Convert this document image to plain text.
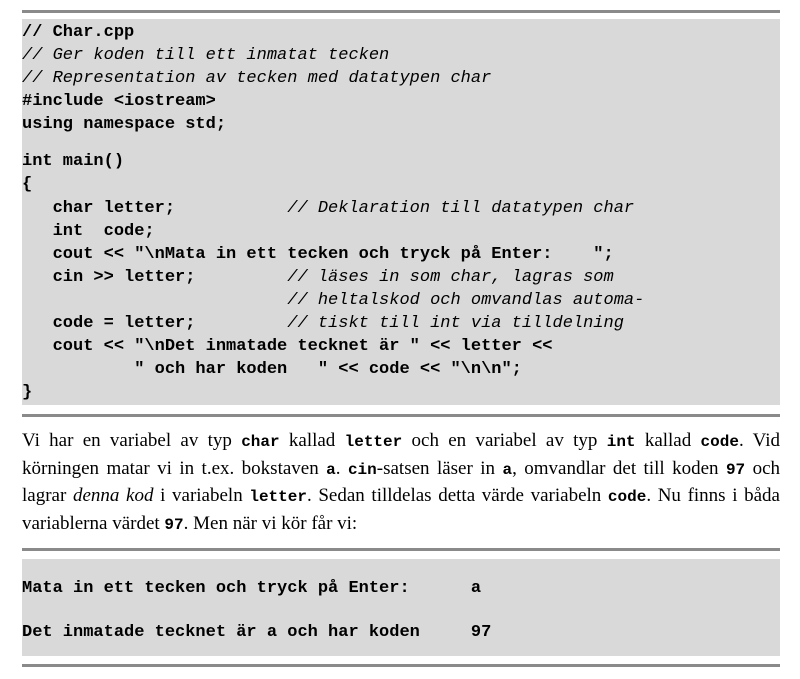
// Char.cpp

// Ger koden till ett inmatat tecken

// Representation av tecken med datatypen char

#include <iostream>

using namespace std;

int main()

{

char letter;           // Deklaration till datatypen char

int  code;

cout << "\nMata in ett tecken och tryck på Enter:    ";

cin >> letter;         // läses in som char, lagras som

// heltalskod och omvandlas automa-

code = letter;         // tiskt till int via tilldelning

cout << "\nDet inmatade tecknet är " << letter <<

" och har koden   " << code << "\n\n";

}

Vi har en variabel av typ char kallad letter och en variabel av typ int kallad code. Vid körningen matar vi in t.ex. bokstaven a. cin-satsen läser in a, omvandlar det till koden 97 och lagrar denna kod i variabeln letter. Sedan tilldelas detta värde variabeln code. Nu finns i båda variablerna värdet 97. Men när vi kör får vi:

Mata in ett tecken och tryck på Enter:      a

Det inmatade tecknet är a och har koden     97
